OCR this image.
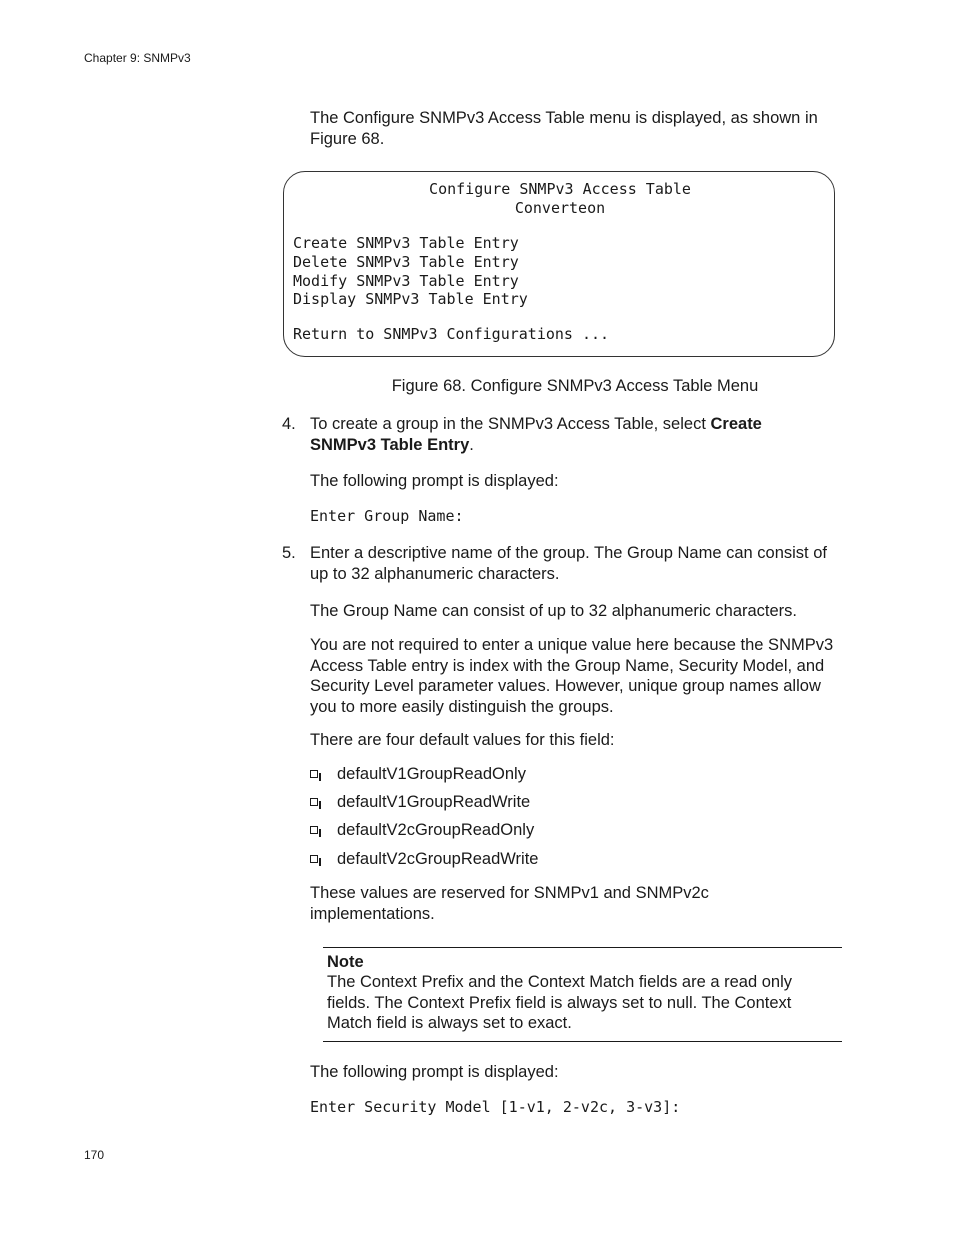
Chapter 9: SNMPv3
The Configure SNMPv3 Access Table menu is displayed, as shown in Figure 68.
Configure SNMPv3 Access Table
Converteon
Create SNMPv3 Table Entry
Delete SNMPv3 Table Entry
Modify SNMPv3 Table Entry
Display SNMPv3 Table Entry
Return to SNMPv3 Configurations ...
Figure 68. Configure SNMPv3 Access Table Menu
4. To create a group in the SNMPv3 Access Table, select Create SNMPv3 Table Entry.
The following prompt is displayed:
Enter Group Name:
5. Enter a descriptive name of the group. The Group Name can consist of up to 32 alphanumeric characters.
The Group Name can consist of up to 32 alphanumeric characters.
You are not required to enter a unique value here because the SNMPv3 Access Table entry is index with the Group Name, Security Model, and Security Level parameter values. However, unique group names allow you to more easily distinguish the groups.
There are four default values for this field:
defaultV1GroupReadOnly
defaultV1GroupReadWrite
defaultV2cGroupReadOnly
defaultV2cGroupReadWrite
These values are reserved for SNMPv1 and SNMPv2c implementations.
Note
The Context Prefix and the Context Match fields are a read only fields. The Context Prefix field is always set to null. The Context Match field is always set to exact.
The following prompt is displayed:
Enter Security Model [1-v1, 2-v2c, 3-v3]:
170
